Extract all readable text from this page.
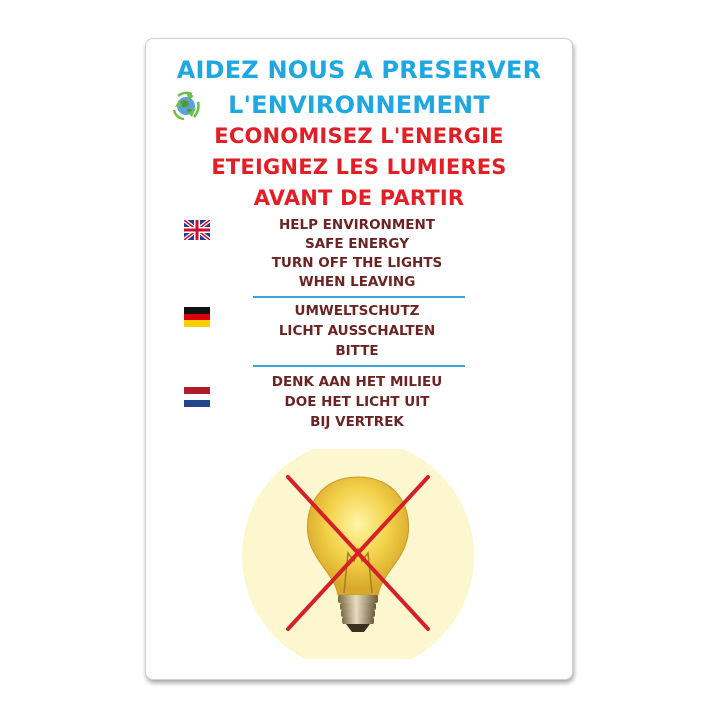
AIDEZ NOUS A PRESERVER
L'ENVIRONNEMENT
ECONOMISEZ L'ENERGIE
ETEIGNEZ LES LUMIERES
AVANT DE PARTIR
HELP ENVIRONMENT
SAFE ENERGY
TURN OFF THE LIGHTS
WHEN LEAVING
UMWELTSCHUTZ
LICHT AUSSCHALTEN
BITTE
DENK AAN HET MILIEU
DOE HET LICHT UIT
BIJ VERTREK
